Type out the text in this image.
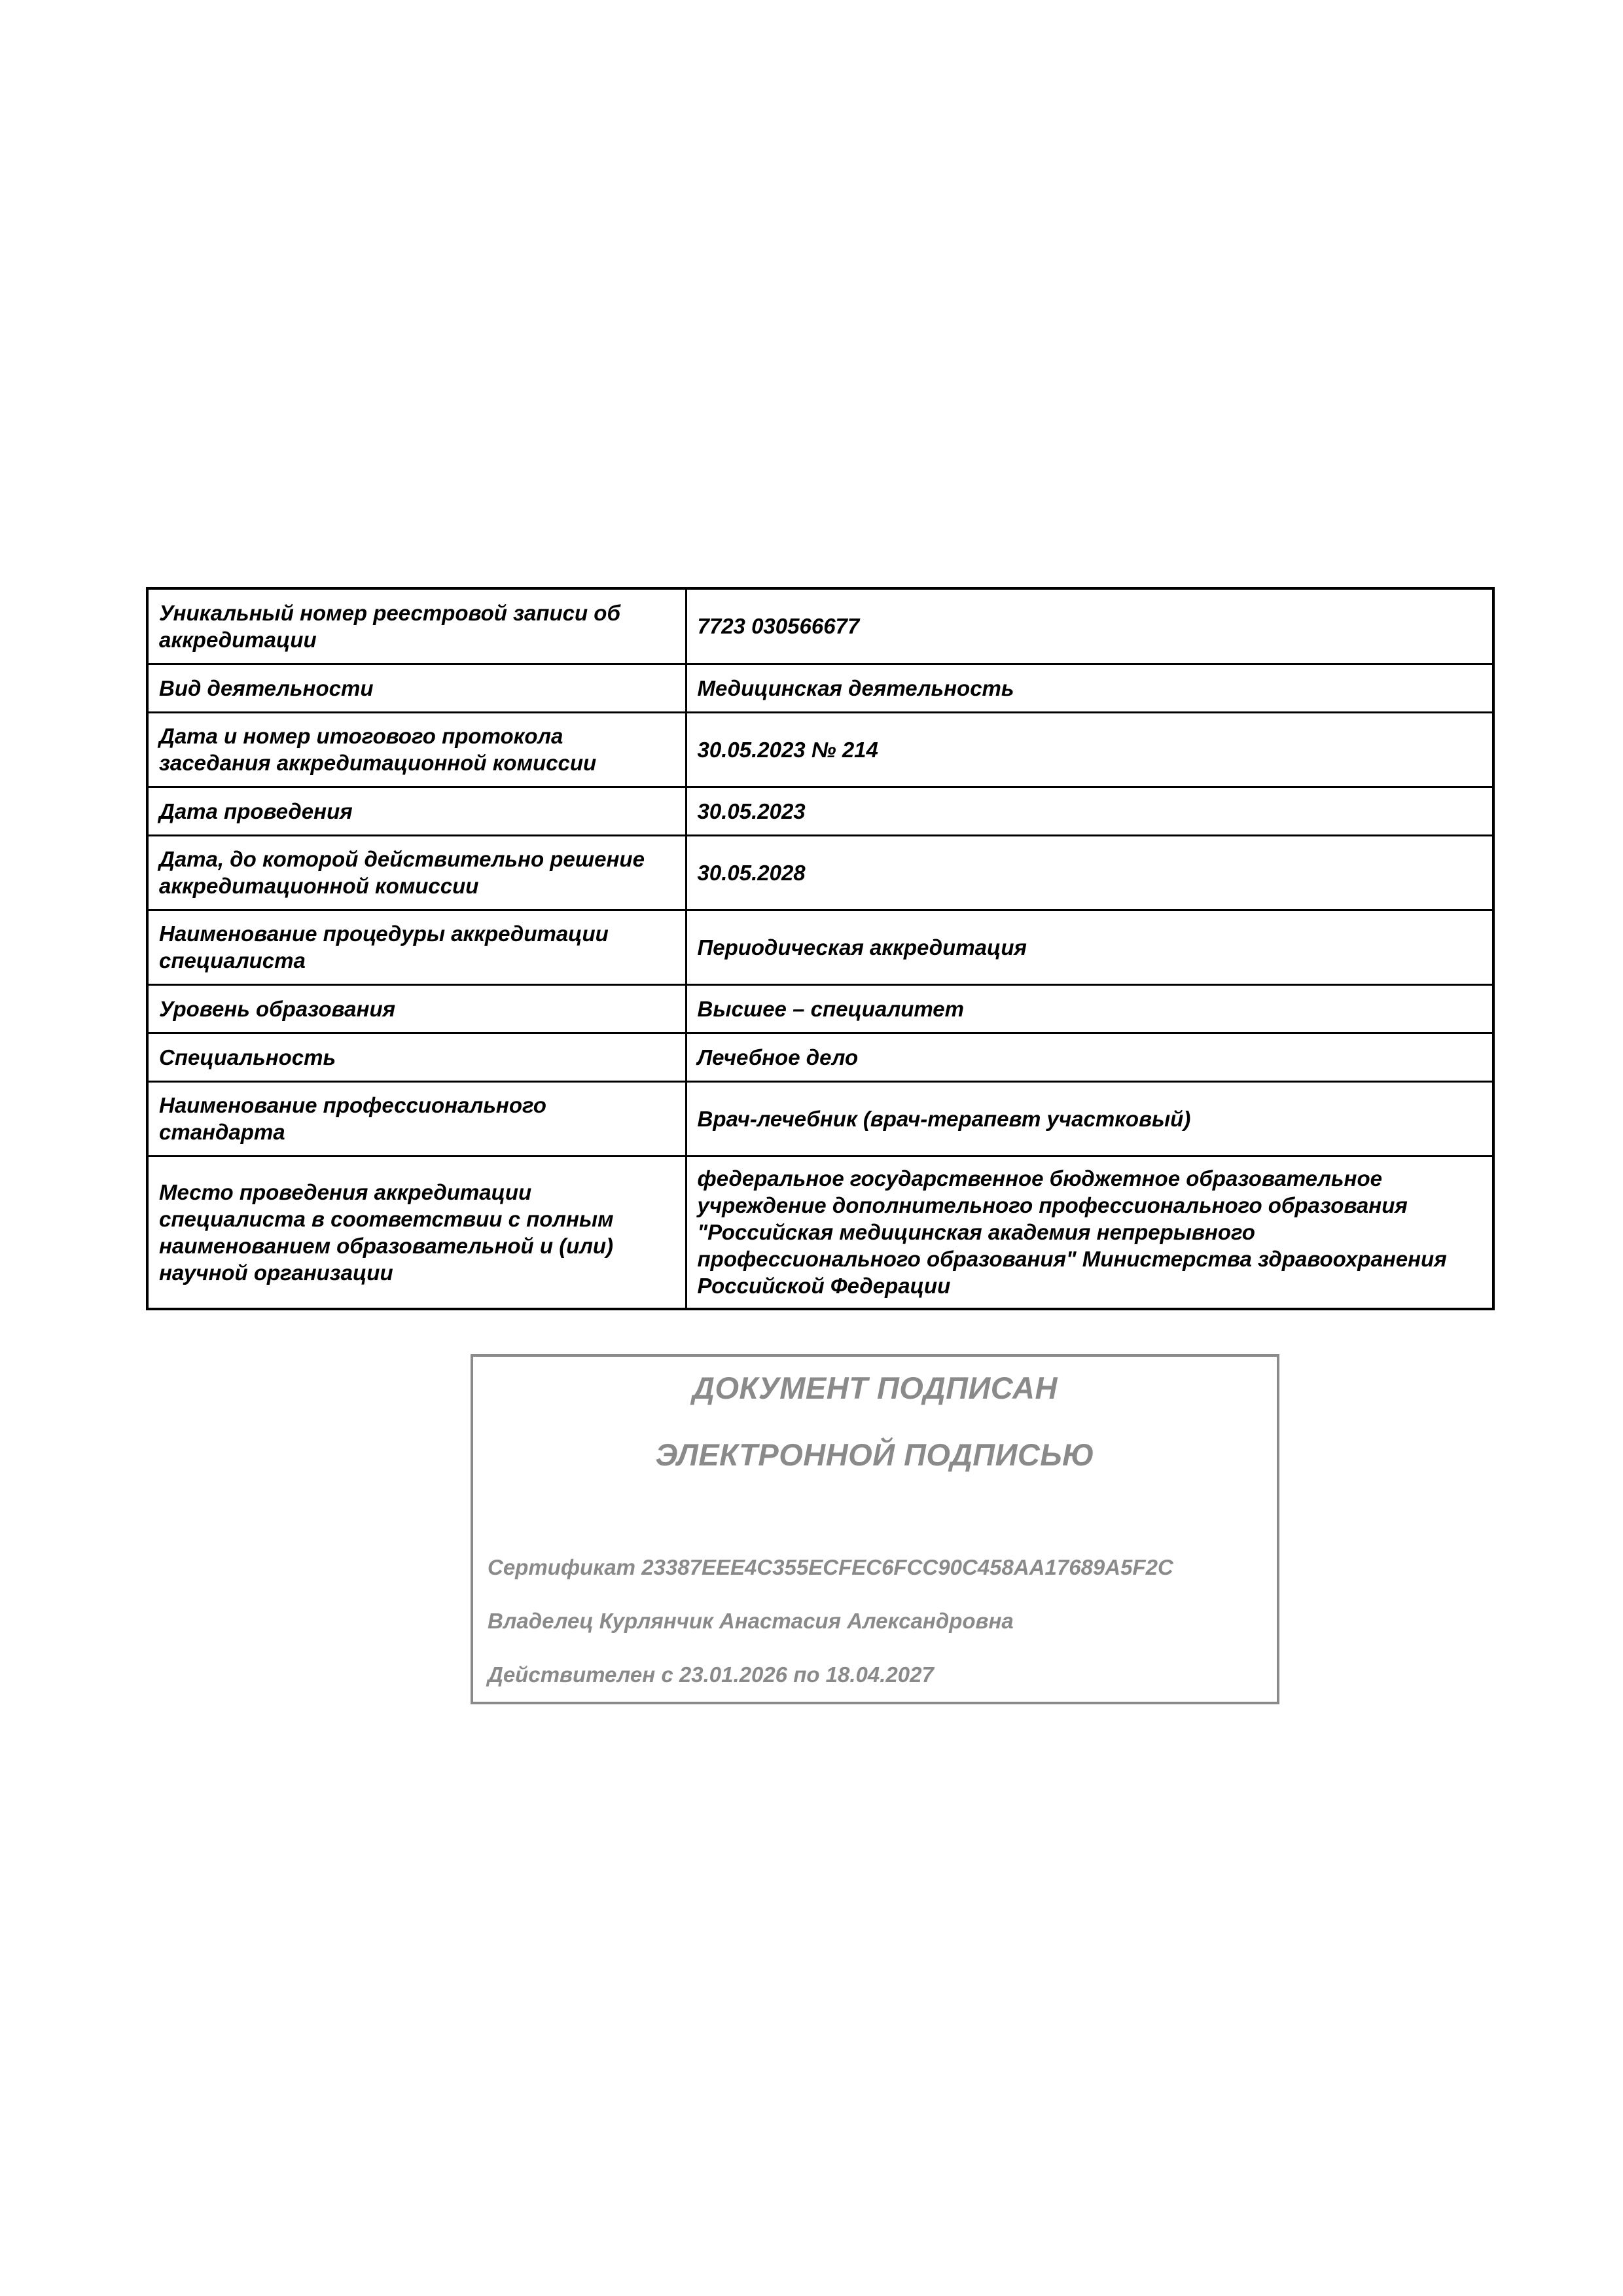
Уникальный номер реестровой записи об аккредитации	7723 030566677
Вид деятельности	Медицинская деятельность
Дата и номер итогового протокола заседания аккредитационной комиссии	30.05.2023 № 214
Дата проведения	30.05.2023
Дата, до которой действительно решение аккредитационной комиссии	30.05.2028
Наименование процедуры аккредитации специалиста	Периодическая аккредитация
Уровень образования	Высшее – специалитет
Специальность	Лечебное дело
Наименование профессионального стандарта	Врач-лечебник (врач-терапевт участковый)
Место проведения аккредитации специалиста в соответствии с полным наименованием образовательной и (или) научной организации	федеральное государственное бюджетное образовательное учреждение дополнительного профессионального образования "Российская медицинская академия непрерывного профессионального образования" Министерства здравоохранения Российской Федерации
ДОКУМЕНТ ПОДПИСАН
ЭЛЕКТРОННОЙ ПОДПИСЬЮ
Сертификат 23387EEE4C355ECFEC6FCC90C458AA17689A5F2C
Владелец Курлянчик Анастасия Александровна
Действителен с 23.01.2026 по 18.04.2027
